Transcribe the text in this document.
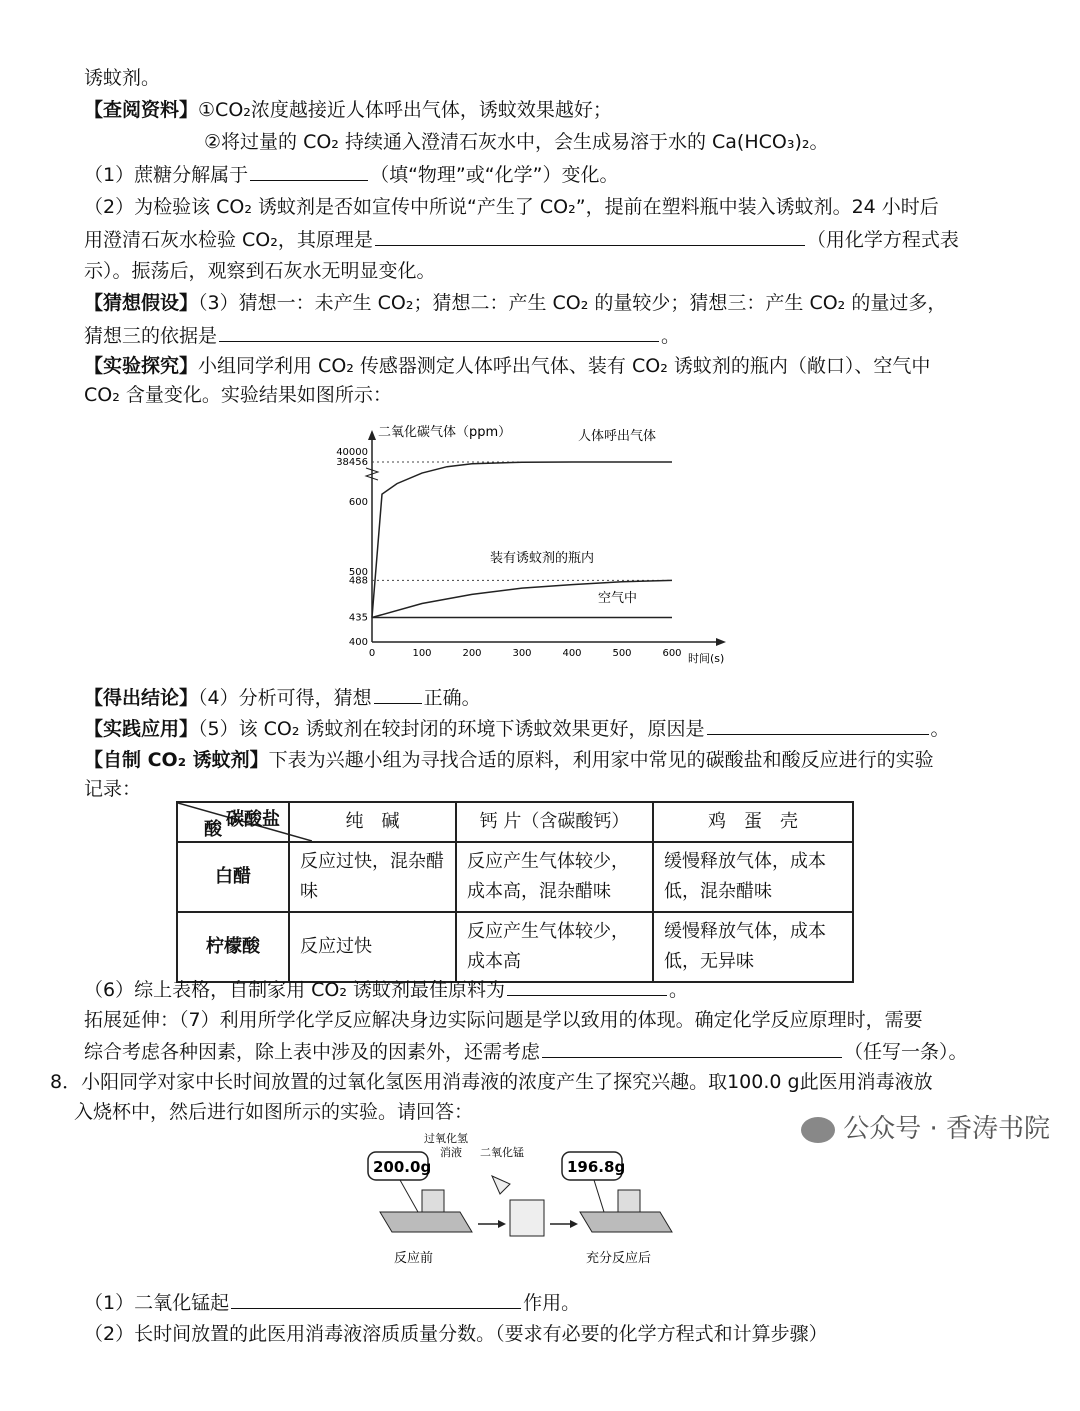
诱蚊剂。
【查阅资料】①CO₂浓度越接近人体呼出气体，诱蚊效果越好；
②将过量的 CO₂ 持续通入澄清石灰水中，会生成易溶于水的 Ca(HCO₃)₂。
（1）蔗糖分解属于	（填“物理”或“化学”）变化。
（2）为检验该 CO₂ 诱蚊剂是否如宣传中所说“产生了 CO₂”，提前在塑料瓶中装入诱蚊剂。24 小时后
用澄清石灰水检验 CO₂，其原理是	（用化学方程式表
示）。振荡后，观察到石灰水无明显变化。
【猜想假设】（3）猜想一：未产生 CO₂；猜想二：产生 CO₂ 的量较少；猜想三：产生 CO₂ 的量过多，
猜想三的依据是	。
【实验探究】小组同学利用 CO₂ 传感器测定人体呼出气体、装有 CO₂ 诱蚊剂的瓶内（敞口）、空气中
CO₂ 含量变化。实验结果如图所示：
二氧化碳气体（ppm）
时间(s)
400
435
488
500
600
38456
40000
0	100	200	300	400	500	600
人体呼出气体
装有诱蚊剂的瓶内
空气中
【得出结论】（4）分析可得，猜想	正确。
【实践应用】（5）该 CO₂ 诱蚊剂在较封闭的环境下诱蚊效果更好，原因是	。
【自制 CO₂ 诱蚊剂】下表为兴趣小组为寻找合适的原料，利用家中常见的碳酸盐和酸反应进行的实验
记录：
碳酸盐
酸	纯　碱	钙 片（含碳酸钙）	鸡　蛋　壳
白醋	反应过快，混杂醋味	反应产生气体较少，成本高，混杂醋味	缓慢释放气体，成本低，混杂醋味
柠檬酸	反应过快	反应产生气体较少，成本高	缓慢释放气体，成本低，无异味
（6）综上表格，自制家用 CO₂ 诱蚊剂最佳原料为	。
拓展延伸：（7）利用所学化学反应解决身边实际问题是学以致用的体现。确定化学反应原理时，需要
综合考虑各种因素，除上表中涉及的因素外，还需考虑	（任写一条）。
8．小阳同学对家中长时间放置的过氧化氢医用消毒液的浓度产生了探究兴趣。取100.0 g此医用消毒液放
入烧杯中，然后进行如图所示的实验。请回答：
200.0g
过氧化氢
消液 二氧化锰
196.8g
反应前	充分反应后
（1）二氧化锰起	作用。
（2）长时间放置的此医用消毒液溶质质量分数。（要求有必要的化学方程式和计算步骤）
公众号 · 香涛书院
